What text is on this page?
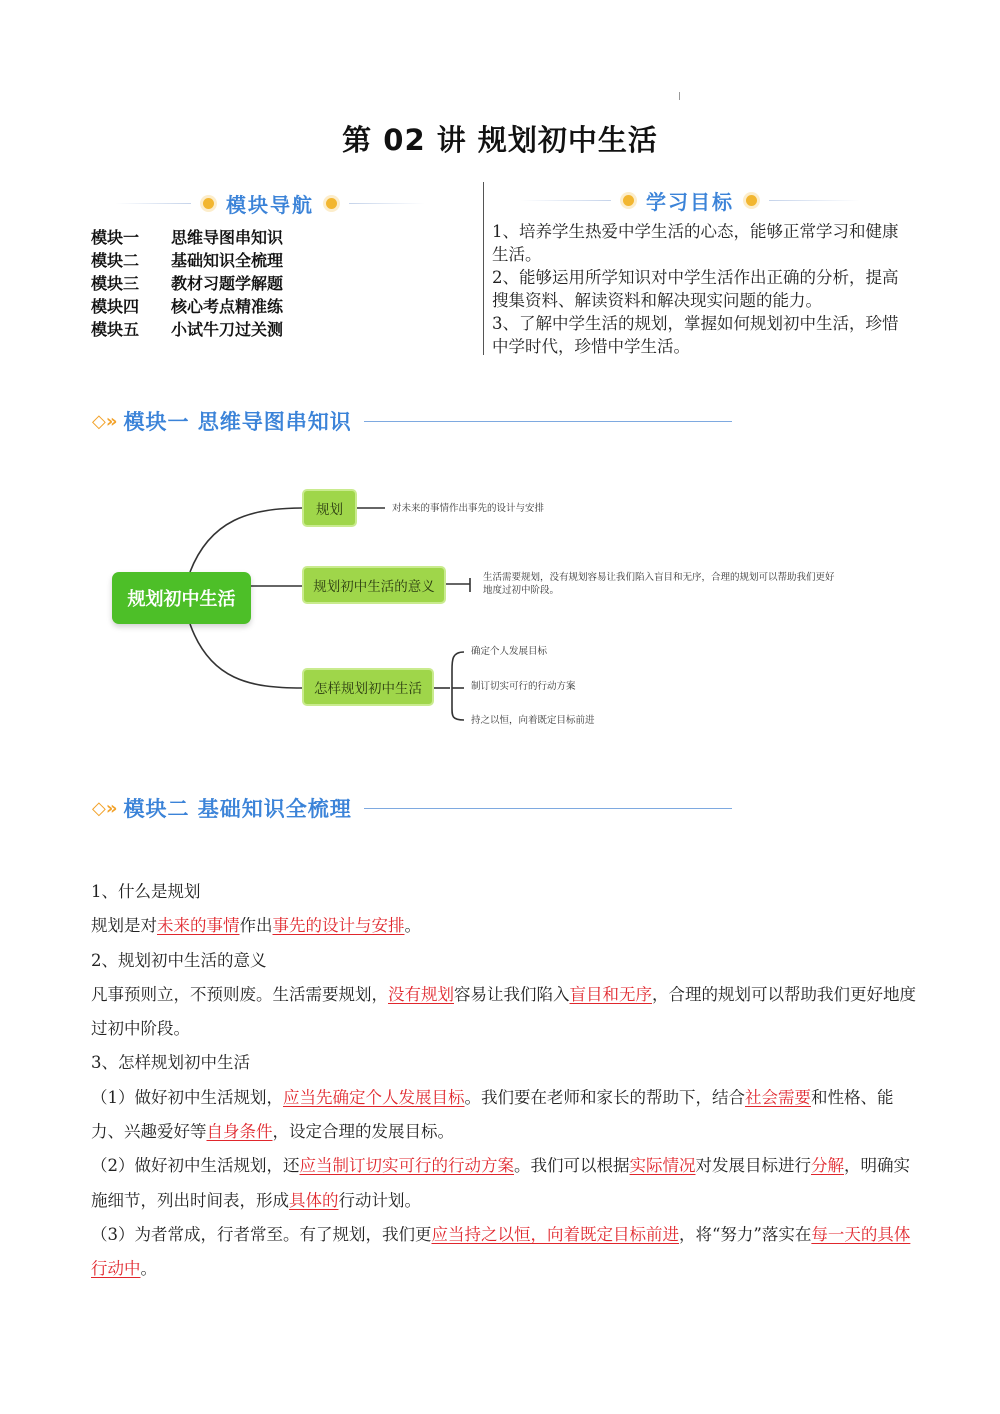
第 02 讲 规划初中生活
模块导航
模块一	思维导图串知识
模块二	基础知识全梳理
模块三	教材习题学解题
模块四	核心考点精准练
模块五	小试牛刀过关测
学习目标

1、培养学生热爱中学生活的心态，能够正常学习和健康生活。

2、能够运用所学知识对中学生活作出正确的分析，提高搜集资料、解读资料和解决现实问题的能力。

3、了解中学生活的规划，掌握如何规划初中生活，珍惜中学时代，珍惜中学生活。

◇» 模块一 思维导图串知识
规划初中生活
规划
规划初中生活的意义
怎样规划初中生活
对未来的事情作出事先的设计与安排
生活需要规划，没有规划容易让我们陷入盲目和无序，合理的规划可以帮助我们更好地度过初中阶段。
确定个人发展目标
制订切实可行的行动方案
持之以恒，向着既定目标前进
◇» 模块二 基础知识全梳理

1、什么是规划

规划是对未来的事情作出事先的设计与安排。

2、规划初中生活的意义

凡事预则立，不预则废。生活需要规划，没有规划容易让我们陷入盲目和无序，合理的规划可以帮助我们更好地度过初中阶段。

3、怎样规划初中生活

（1）做好初中生活规划，应当先确定个人发展目标。我们要在老师和家长的帮助下，结合社会需要和性格、能力、兴趣爱好等自身条件，设定合理的发展目标。

（2）做好初中生活规划，还应当制订切实可行的行动方案。我们可以根据实际情况对发展目标进行分解，明确实施细节，列出时间表，形成具体的行动计划。

（3）为者常成，行者常至。有了规划，我们更应当持之以恒，向着既定目标前进，将“努力”落实在每一天的具体行动中。
